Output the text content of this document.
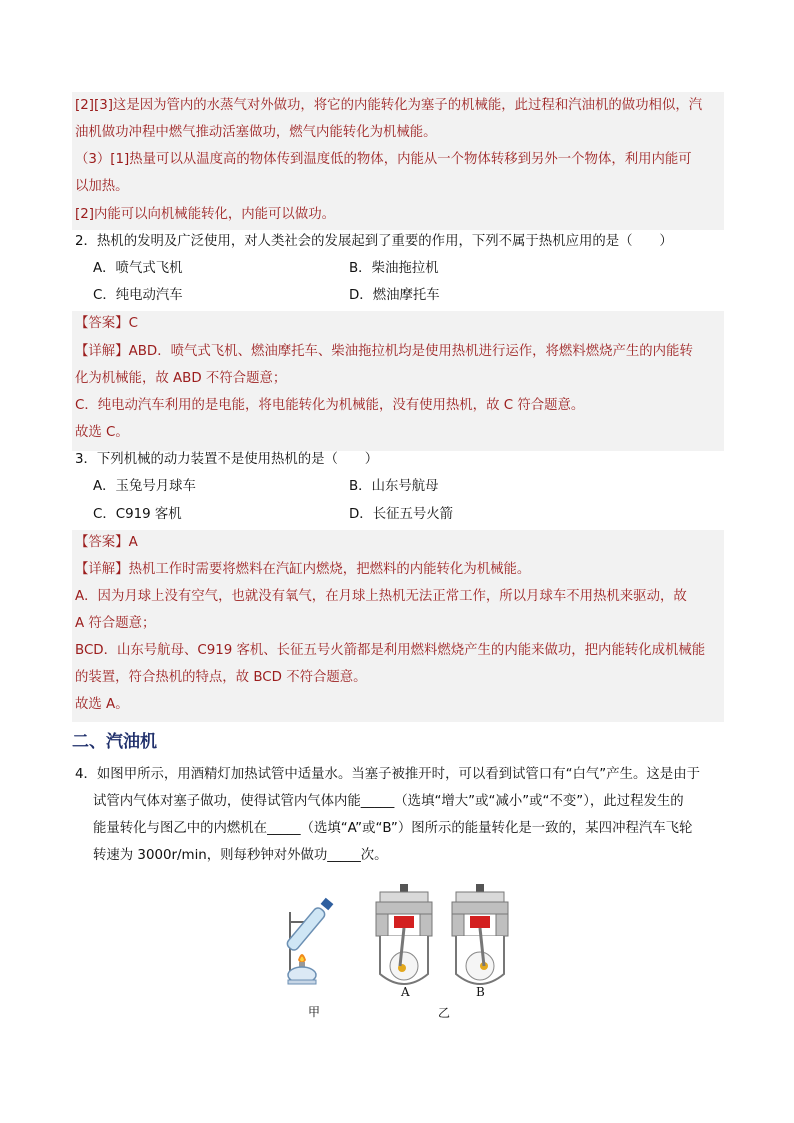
[2][3]这是因为管内的水蒸气对外做功，将它的内能转化为塞子的机械能，此过程和汽油机的做功相似，汽
油机做功冲程中燃气推动活塞做功，燃气内能转化为机械能。
（3）[1]热量可以从温度高的物体传到温度低的物体，内能从一个物体转移到另外一个物体，利用内能可
以加热。
[2]内能可以向机械能转化，内能可以做功。
2．热机的发明及广泛使用，对人类社会的发展起到了重要的作用，下列不属于热机应用的是（　　）
A．喷气式飞机	B．柴油拖拉机
C．纯电动汽车	D．燃油摩托车
【答案】C
【详解】ABD．喷气式飞机、燃油摩托车、柴油拖拉机均是使用热机进行运作，将燃料燃烧产生的内能转
化为机械能，故 ABD 不符合题意；
C．纯电动汽车利用的是电能，将电能转化为机械能，没有使用热机，故 C 符合题意。
故选 C。
3．下列机械的动力装置不是使用热机的是（　　）
A．玉兔号月球车	B．山东号航母
C．C919 客机	D．长征五号火箭
【答案】A
【详解】热机工作时需要将燃料在汽缸内燃烧，把燃料的内能转化为机械能。
A．因为月球上没有空气，也就没有氧气，在月球上热机无法正常工作，所以月球车不用热机来驱动，故
A 符合题意；
BCD．山东号航母、C919 客机、长征五号火箭都是利用燃料燃烧产生的内能来做功，把内能转化成机械能
的装置，符合热机的特点，故 BCD 不符合题意。
故选 A。
二、汽油机
4．如图甲所示，用酒精灯加热试管中适量水。当塞子被推开时，可以看到试管口有“白气”产生。这是由于
试管内气体对塞子做功，使得试管内气体内能_____（选填“增大”或“减小”或“不变”），此过程发生的
能量转化与图乙中的内燃机在_____（选填“A”或“B”）图所示的能量转化是一致的，某四冲程汽车飞轮
转速为 3000r/min，则每秒钟对外做功_____次。
甲
A	B
乙
